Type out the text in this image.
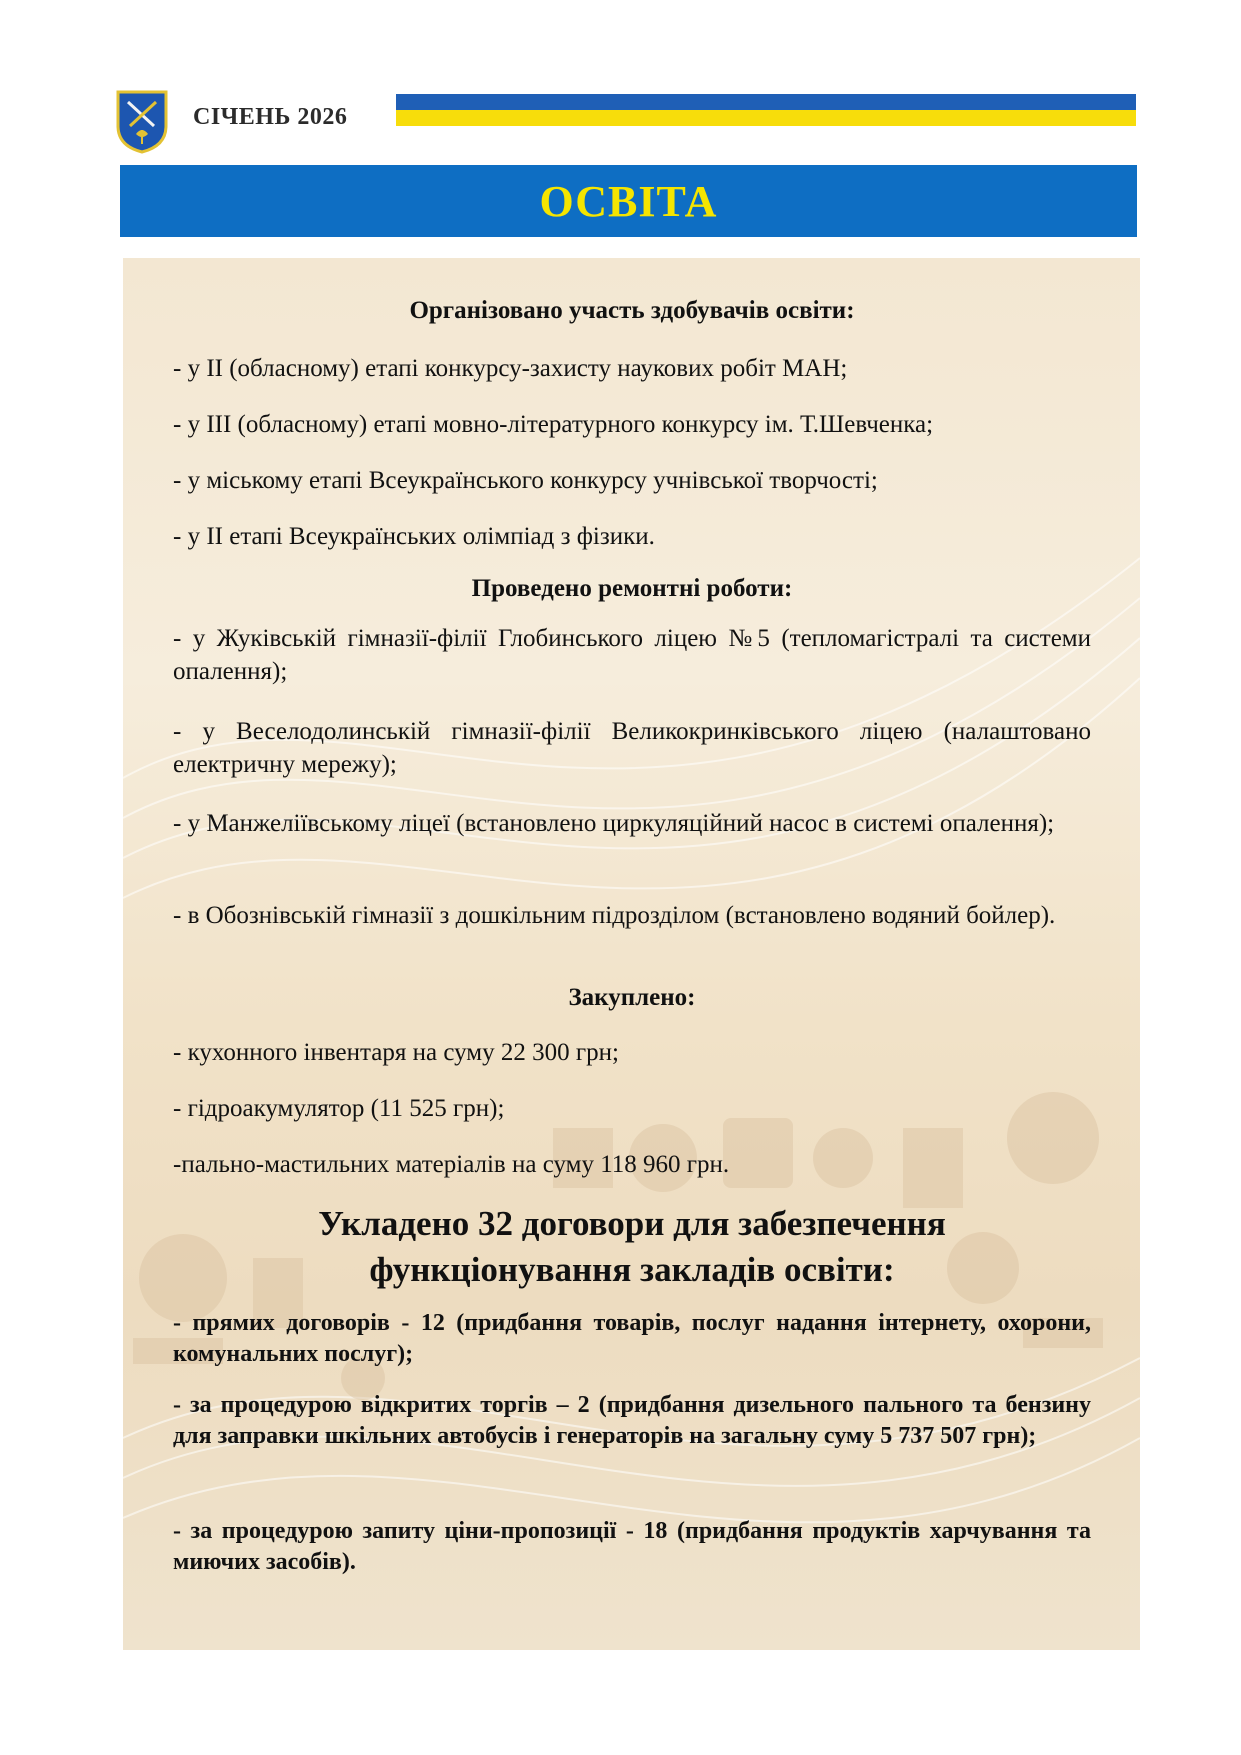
СІЧЕНЬ 2026
ОСВІТА
Організовано участь здобувачів освіти:
- у ІІ (обласному) етапі конкурсу-захисту наукових робіт МАН;
- у ІІІ (обласному) етапі мовно-літературного конкурсу ім. Т.Шевченка;
- у міському етапі Всеукраїнського конкурсу учнівської творчості;
- у ІІ етапі Всеукраїнських олімпіад з фізики.
Проведено ремонтні роботи:
- у Жуківській гімназії-філії Глобинського ліцею №5 (тепломагістралі та системи опалення);
- у Веселодолинській гімназії-філії Великокринківського ліцею (налаштовано електричну мережу);
- у Манжеліївському ліцеї (встановлено циркуляційний насос в системі опалення);
- в Обознівській гімназії з дошкільним підрозділом (встановлено водяний бойлер).
Закуплено:
- кухонного інвентаря на суму 22 300 грн;
- гідроакумулятор (11 525 грн);
-пально-мастильних матеріалів на суму 118 960 грн.
Укладено 32 договори для забезпечення
функціонування закладів освіти:
- прямих договорів - 12 (придбання товарів, послуг надання інтернету, охорони, комунальних послуг);
- за процедурою відкритих торгів – 2 (придбання дизельного пального та бензину для заправки шкільних автобусів і генераторів на загальну суму 5 737 507 грн);
- за процедурою запиту ціни-пропозиції - 18 (придбання продуктів харчування та миючих засобів).
